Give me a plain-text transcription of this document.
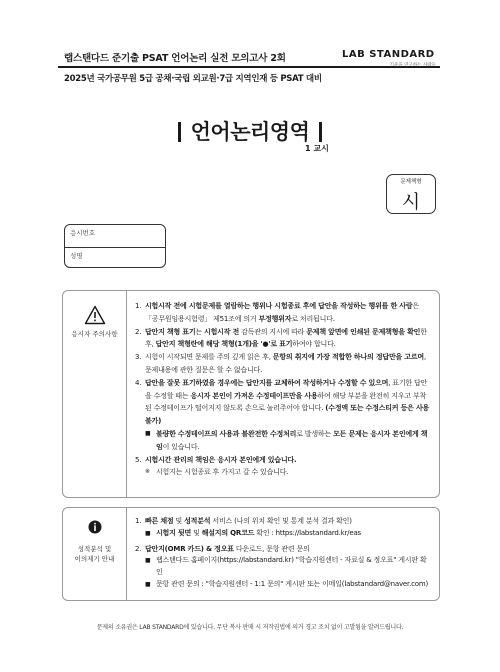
랩스탠다드 준기출 PSAT 언어논리 실전 모의고사 2회
2025년 국가공무원 5급 공채·국립 외교원·7급 지역인재 등 PSAT 대비
LAB STANDARD
기준을 연구하는 사람들
언어논리영역
1 교시
문제책형
시
응시번호
성명
응시자 주의사항
1. 시험시작 전에 시험문제를 열람하는 행위나 시험종료 후에 답안을 작성하는 행위를 한 사람은 「공무원임용시험령」 제51조에 의거 부정행위자로 처리됩니다.
2. 답안지 책형 표기는 시험시작 전 감독관의 지시에 따라 문제책 앞면에 인쇄된 문제책형을 확인한 후, 답안지 책형란에 해당 책형(1개)을 '●'로 표기하여야 합니다.
3. 시험이 시작되면 문제를 주의 깊게 읽은 후, 문항의 취지에 가장 적합한 하나의 정답만을 고르며, 문제내용에 관한 질문은 할 수 없습니다.
4. 답안을 잘못 표기하였을 경우에는 답안지를 교체하여 작성하거나 수정할 수 있으며, 표기한 답안을 수정할 때는 응시자 본인이 가져온 수정테이프만을 사용하여 해당 부분을 완전히 지우고 부착된 수정테이프가 떨어지지 않도록 손으로 눌러주어야 합니다. (수정액 또는 수정스티커 등은 사용 불가)
■ 불량한 수정테이프의 사용과 불완전한 수정처리로 발생하는 모든 문제는 응시자 본인에게 책임이 있습니다.
5. 시험시간 관리의 책임은 응시자 본인에게 있습니다.
※ 시험지는 시험종료 후 가지고 갈 수 있습니다.
성적분석 및
이의제기 안내
1. 빠른 채점 및 성적분석 서비스 (나의 위치 확인 및 통계 분석 결과 확인)
■ 시험지 뒷면 및 해설지의 QR코드 확인 : https://labstandard.kr/eas
2. 답안지(OMR 카드) & 정오표 다운로드, 문항 관련 문의
■ 랩스탠다드 홈페이지(https://labstandard.kr) "학습지원센터 - 자료실 & 정오표" 게시판 확인
■ 문항 관련 문의 : "학습지원센터 - 1:1 문의" 게시판 또는 이메일(labstandard@naver.com)
문제의 소유권은 LAB STANDARD에 있습니다. 무단 복사 판매 시 저작권법에 의거 경고 조치 없이 고발됨을 알려드립니다.
